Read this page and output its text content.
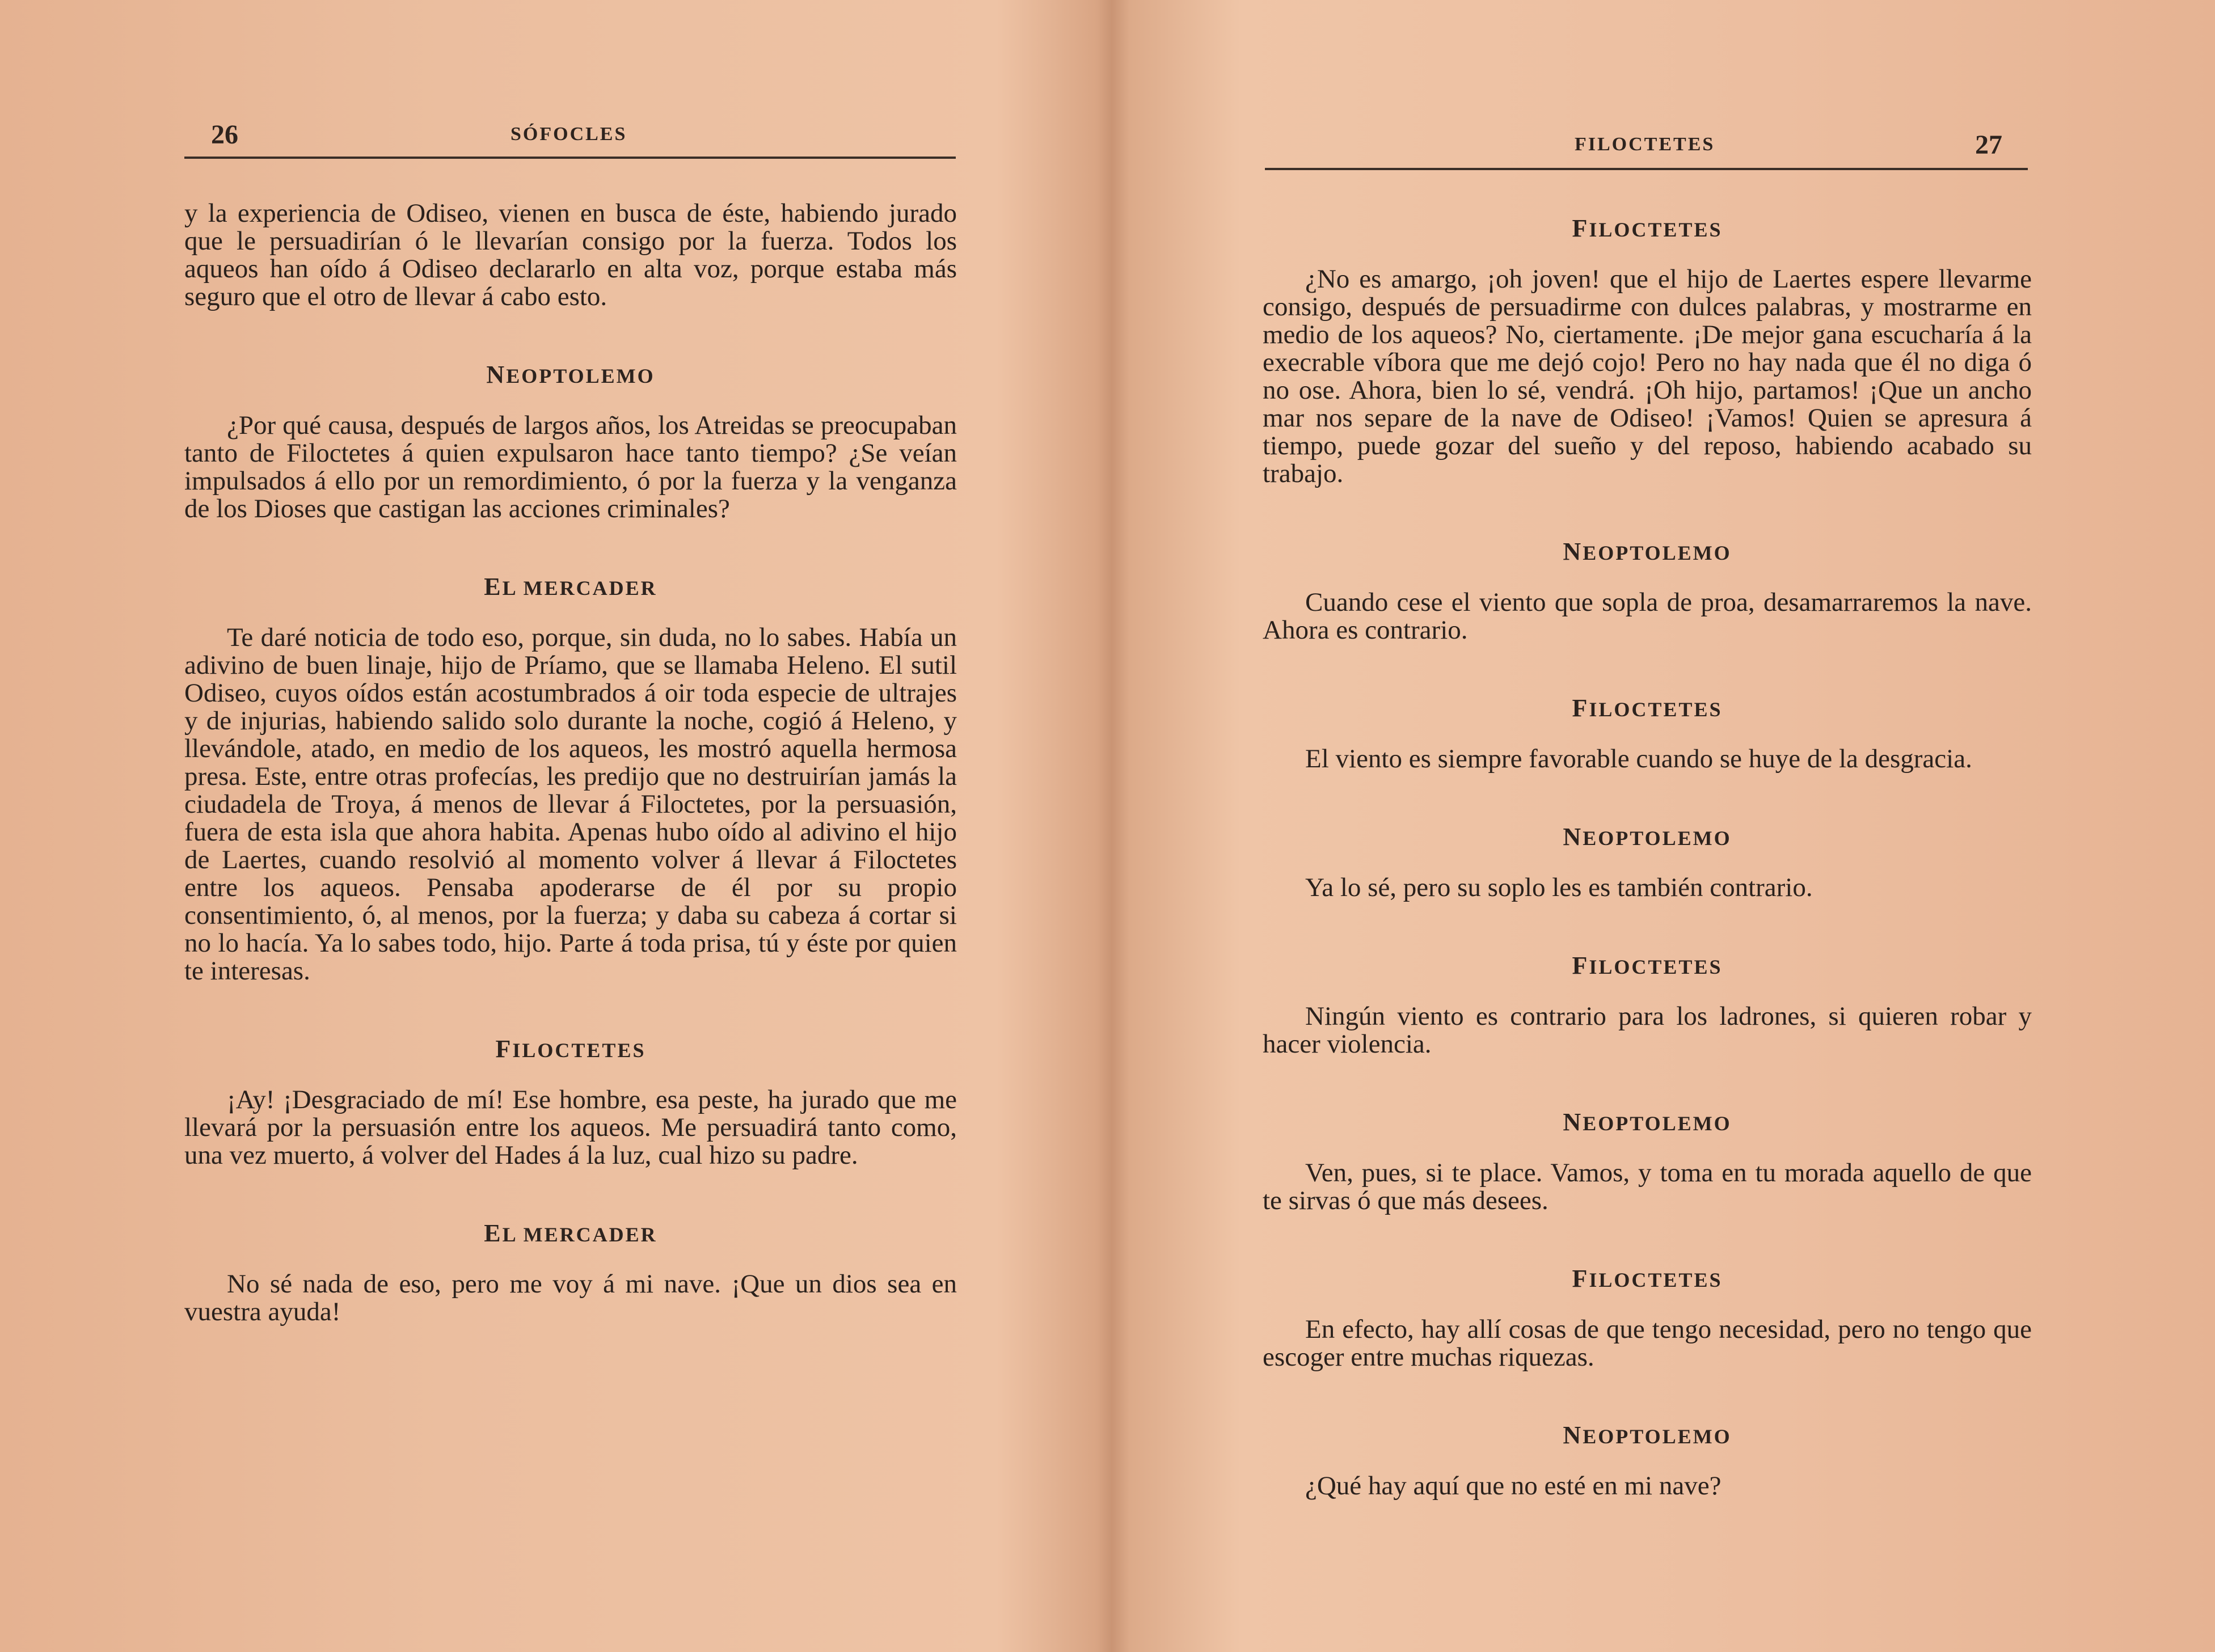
26	SÓFOCLES

y la experiencia de Odiseo, vienen en busca de éste, habiendo jurado que le persuadirían ó le llevarían consigo por la fuerza. Todos los aqueos han oído á Odiseo declararlo en alta voz, porque estaba más seguro que el otro de llevar á cabo esto.

NEOPTOLEMO

¿Por qué causa, después de largos años, los Atreidas se preocupaban tanto de Filoctetes á quien expulsaron hace tanto tiempo? ¿Se veían impulsados á ello por un remordimiento, ó por la fuerza y la venganza de los Dioses que castigan las acciones criminales?

EL MERCADER

Te daré noticia de todo eso, porque, sin duda, no lo sabes. Había un adivino de buen linaje, hijo de Príamo, que se llamaba Heleno. El sutil Odiseo, cuyos oídos están acostumbrados á oir toda especie de ultrajes y de injurias, habiendo salido solo durante la noche, cogió á Heleno, y llevándole, atado, en medio de los aqueos, les mostró aquella hermosa presa. Este, entre otras profecías, les predijo que no destruirían jamás la ciudadela de Troya, á menos de llevar á Filoctetes, por la persuasión, fuera de esta isla que ahora habita. Apenas hubo oído al adivino el hijo de Laertes, cuando resolvió al momento volver á llevar á Filoctetes entre los aqueos. Pensaba apoderarse de él por su propio consentimiento, ó, al menos, por la fuerza; y daba su cabeza á cortar si no lo hacía. Ya lo sabes todo, hijo. Parte á toda prisa, tú y éste por quien te interesas.

FILOCTETES

¡Ay! ¡Desgraciado de mí! Ese hombre, esa peste, ha jurado que me llevará por la persuasión entre los aqueos. Me persuadirá tanto como, una vez muerto, á volver del Hades á la luz, cual hizo su padre.

EL MERCADER

No sé nada de eso, pero me voy á mi nave. ¡Que un dios sea en vuestra ayuda!

FILOCTETES	27
FILOCTETES

¿No es amargo, ¡oh joven! que el hijo de Laertes espere llevarme consigo, después de persuadirme con dulces palabras, y mostrarme en medio de los aqueos? No, ciertamente. ¡De mejor gana escucharía á la execrable víbora que me dejó cojo! Pero no hay nada que él no diga ó no ose. Ahora, bien lo sé, vendrá. ¡Oh hijo, partamos! ¡Que un ancho mar nos separe de la nave de Odiseo! ¡Vamos! Quien se apresura á tiempo, puede gozar del sueño y del reposo, habiendo acabado su trabajo.

NEOPTOLEMO

Cuando cese el viento que sopla de proa, desamarraremos la nave. Ahora es contrario.

FILOCTETES

El viento es siempre favorable cuando se huye de la desgracia.

NEOPTOLEMO

Ya lo sé, pero su soplo les es también contrario.

FILOCTETES

Ningún viento es contrario para los ladrones, si quieren robar y hacer violencia.

NEOPTOLEMO

Ven, pues, si te place. Vamos, y toma en tu morada aquello de que te sirvas ó que más desees.

FILOCTETES

En efecto, hay allí cosas de que tengo necesidad, pero no tengo que escoger entre muchas riquezas.

NEOPTOLEMO

¿Qué hay aquí que no esté en mi nave?
